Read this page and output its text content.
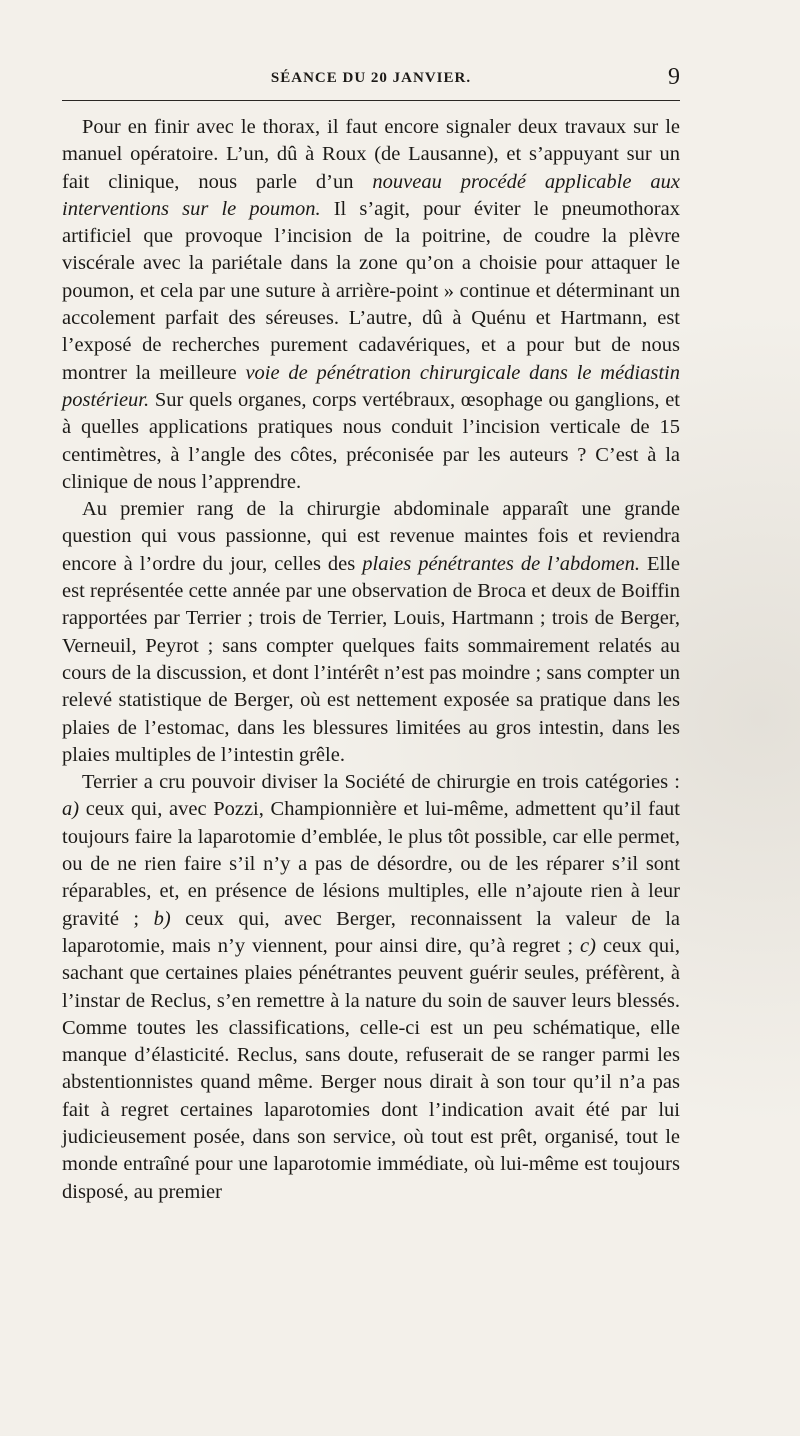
SÉANCE DU 20 JANVIER.	9

Pour en finir avec le thorax, il faut encore signaler deux travaux sur le manuel opératoire. L’un, dû à Roux (de Lausanne), et s’appuyant sur un fait clinique, nous parle d’un nouveau procédé applicable aux interventions sur le poumon. Il s’agit, pour éviter le pneumothorax artificiel que provoque l’incision de la poitrine, de coudre la plèvre viscérale avec la pariétale dans la zone qu’on a choisie pour attaquer le poumon, et cela par une suture à arrière-point » continue et déterminant un accolement parfait des séreuses. L’autre, dû à Quénu et Hartmann, est l’exposé de recherches purement cadavériques, et a pour but de nous montrer la meilleure voie de pénétration chirurgicale dans le médiastin postérieur. Sur quels organes, corps vertébraux, œsophage ou ganglions, et à quelles applications pratiques nous conduit l’incision verticale de 15 centimètres, à l’angle des côtes, préconisée par les auteurs ? C’est à la clinique de nous l’apprendre.

Au premier rang de la chirurgie abdominale apparaît une grande question qui vous passionne, qui est revenue maintes fois et reviendra encore à l’ordre du jour, celles des plaies pénétrantes de l’abdomen. Elle est représentée cette année par une observation de Broca et deux de Boiffin rapportées par Terrier ; trois de Terrier, Louis, Hartmann ; trois de Berger, Verneuil, Peyrot ; sans compter quelques faits sommairement relatés au cours de la discussion, et dont l’intérêt n’est pas moindre ; sans compter un relevé statistique de Berger, où est nettement exposée sa pratique dans les plaies de l’estomac, dans les blessures limitées au gros intestin, dans les plaies multiples de l’intestin grêle.

Terrier a cru pouvoir diviser la Société de chirurgie en trois catégories : a) ceux qui, avec Pozzi, Championnière et lui-même, admettent qu’il faut toujours faire la laparotomie d’emblée, le plus tôt possible, car elle permet, ou de ne rien faire s’il n’y a pas de désordre, ou de les réparer s’il sont réparables, et, en présence de lésions multiples, elle n’ajoute rien à leur gravité ; b) ceux qui, avec Berger, reconnaissent la valeur de la laparotomie, mais n’y viennent, pour ainsi dire, qu’à regret ; c) ceux qui, sachant que certaines plaies pénétrantes peuvent guérir seules, préfèrent, à l’instar de Reclus, s’en remettre à la nature du soin de sauver leurs blessés. Comme toutes les classifications, celle-ci est un peu schématique, elle manque d’élasticité. Reclus, sans doute, refuserait de se ranger parmi les abstentionnistes quand même. Berger nous dirait à son tour qu’il n’a pas fait à regret certaines laparotomies dont l’indication avait été par lui judicieusement posée, dans son service, où tout est prêt, organisé, tout le monde entraîné pour une laparotomie immédiate, où lui-même est toujours disposé, au premier
